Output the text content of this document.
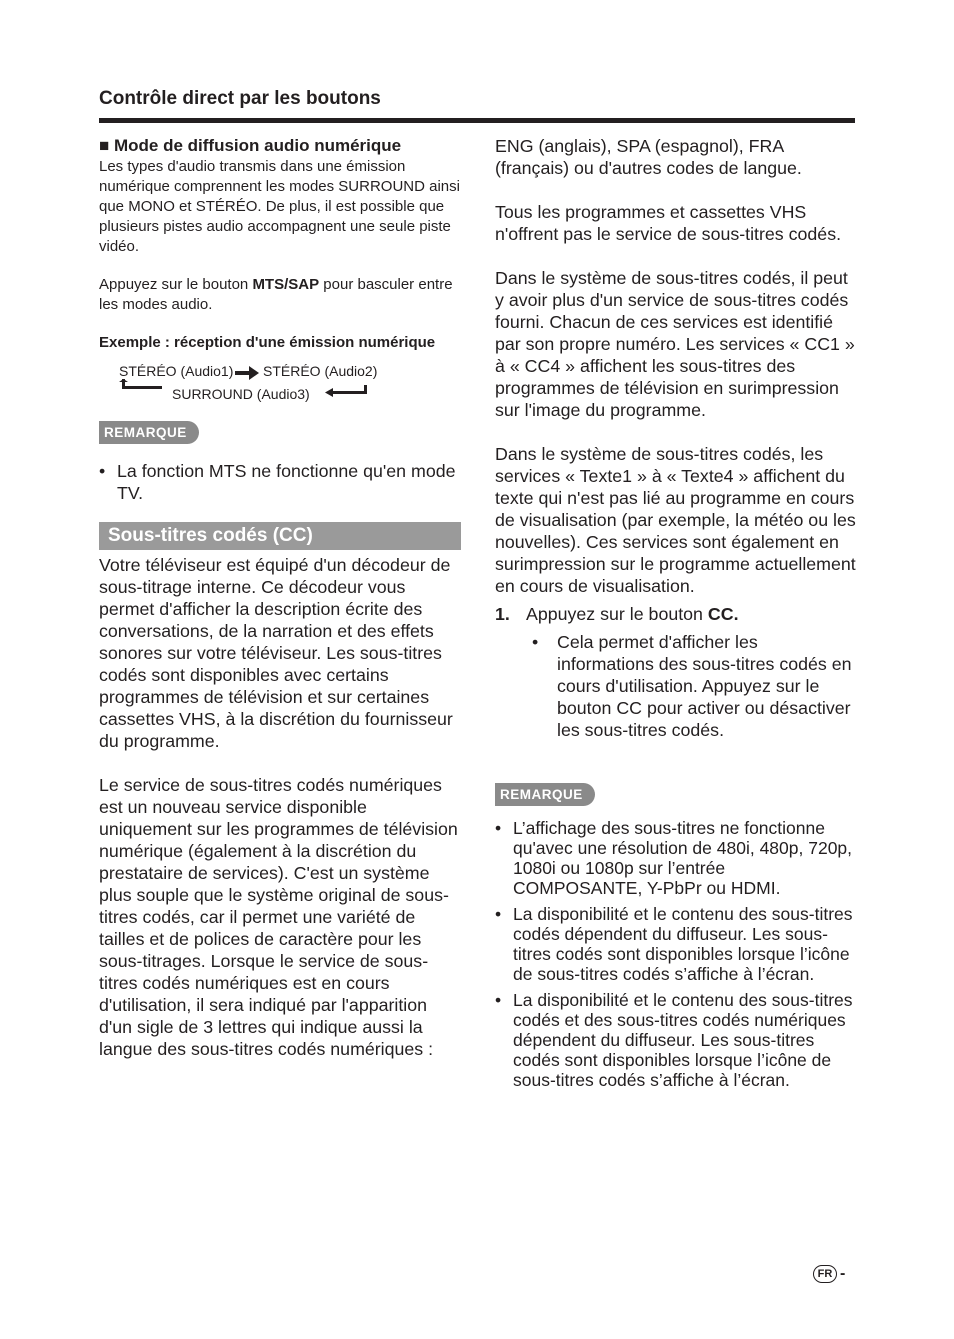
Contrôle direct par les boutons

■ Mode de diffusion audio numérique

Les types d'audio transmis dans une émission numérique comprennent les modes SURROUND ainsi que MONO et STÉRÉO. De plus, il est possible que plusieurs pistes audio accompagnent une seule piste vidéo.

Appuyez sur le bouton MTS/SAP pour basculer entre les modes audio.

Exemple : réception d'une émission numérique

STÉRÉO (Audio1) STÉRÉO (Audio2)
SURROUND (Audio3)
REMARQUE
• La fonction MTS ne fonctionne qu'en mode TV.
Sous-titres codés (CC)

Votre téléviseur est équipé d'un décodeur de sous-titrage interne. Ce décodeur vous permet d'afficher la description écrite des conversations, de la narration et des effets sonores sur votre téléviseur. Les sous-titres codés sont disponibles avec certains programmes de télévision et sur certaines cassettes VHS, à la discrétion du fournisseur du programme.

Le service de sous-titres codés numériques est un nouveau service disponible uniquement sur les programmes de télévision numérique (également à la discrétion du prestataire de services). C'est un système plus souple que le système original de sous-titres codés, car il permet une variété de tailles et de polices de caractère pour les sous-titrages. Lorsque le service de sous-titres codés numériques est en cours d'utilisation, il sera indiqué par l'apparition d'un sigle de 3 lettres qui indique aussi la langue des sous-titres codés numériques :

ENG (anglais), SPA (espagnol), FRA (français) ou d'autres codes de langue.

Tous les programmes et cassettes VHS n'offrent pas le service de sous-titres codés.

Dans le système de sous-titres codés, il peut y avoir plus d'un service de sous-titres codés fourni. Chacun de ces services est identifié par son propre numéro. Les services « CC1 » à « CC4 » affichent les sous-titres des programmes de télévision en surimpression sur l'image du programme.

Dans le système de sous-titres codés, les services « Texte1 » à « Texte4 » affichent du texte qui n'est pas lié au programme en cours de visualisation (par exemple, la météo ou les nouvelles). Ces services sont également en surimpression sur le programme actuellement en cours de visualisation.

1. Appuyez sur le bouton CC.
• Cela permet d'afficher les informations des sous-titres codés en cours d'utilisation. Appuyez sur le bouton CC pour activer ou désactiver les sous-titres codés.
REMARQUE
• L’affichage des sous-titres ne fonctionne qu'avec une résolution de 480i, 480p, 720p, 1080i ou 1080p sur l’entrée COMPOSANTE, Y-PbPr ou HDMI.
• La disponibilité et le contenu des sous-titres codés dépendent du diffuseur. Les sous-titres codés sont disponibles lorsque l’icône de sous-titres codés s’affiche à l’écran.
• La disponibilité et le contenu des sous-titres codés et des sous-titres codés numériques dépendent du diffuseur. Les sous-titres codés sont disponibles lorsque l’icône de sous-titres codés s’affiche à l’écran.
FR -
